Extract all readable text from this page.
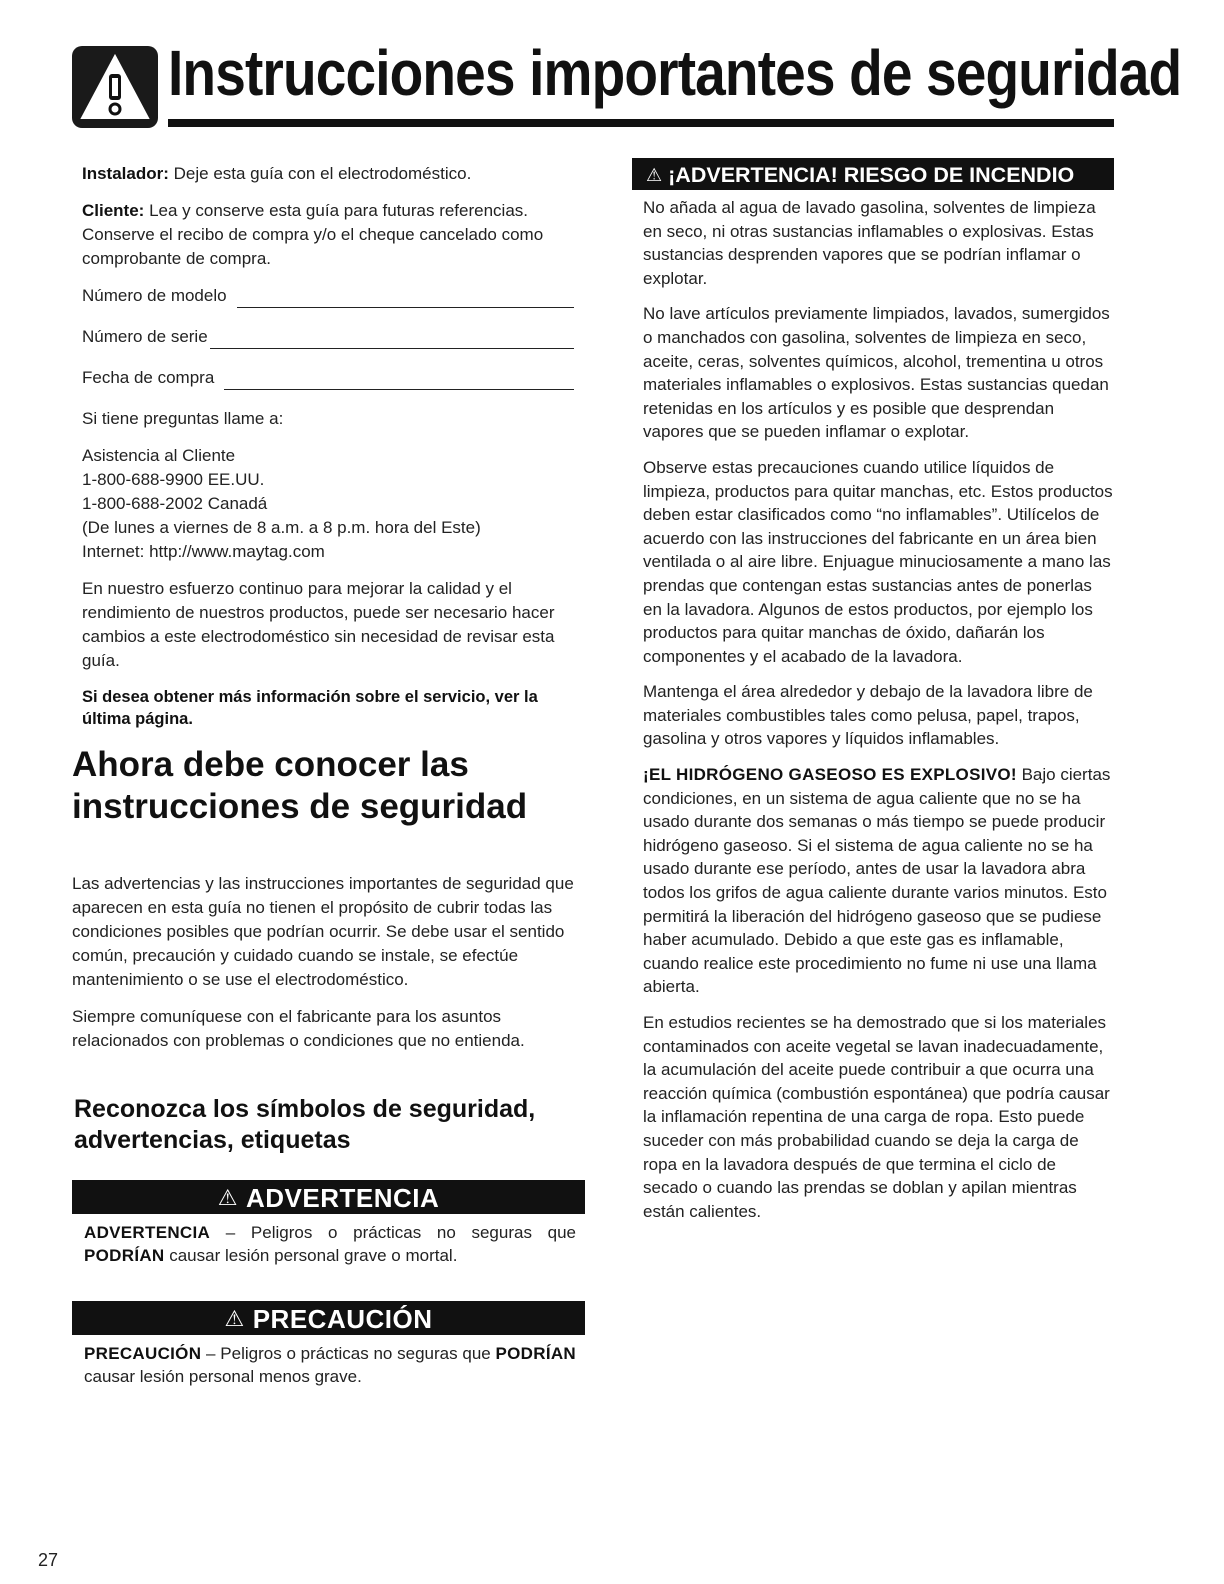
Instrucciones importantes de seguridad

Instalador: Deje esta guía con el electrodoméstico.

Cliente: Lea y conserve esta guía para futuras referencias. Conserve el recibo de compra y/o el cheque cancelado como comprobante de compra.

Número de modelo
Número de serie
Fecha de compra

Si tiene preguntas llame a:

Asistencia al Cliente
1-800-688-9900 EE.UU.
1-800-688-2002 Canadá
(De lunes a viernes de 8 a.m. a 8 p.m. hora del Este)
Internet: http://www.maytag.com

En nuestro esfuerzo continuo para mejorar la calidad y el rendimiento de nuestros productos, puede ser necesario hacer cambios a este electrodoméstico sin necesidad de revisar esta guía.

Si desea obtener más información sobre el servicio, ver la última página.

Ahora debe conocer las instrucciones de seguridad

Las advertencias y las instrucciones importantes de seguridad que aparecen en esta guía no tienen el propósito de cubrir todas las condiciones posibles que podrían ocurrir. Se debe usar el sentido común, precaución y cuidado cuando se instale, se efectúe mantenimiento o se use el electrodoméstico.

Siempre comuníquese con el fabricante para los asuntos relacionados con problemas o condiciones que no entienda.

Reconozca los símbolos de seguridad, advertencias, etiquetas
⚠ ADVERTENCIA

ADVERTENCIA – Peligros o prácticas no seguras que PODRÍAN causar lesión personal grave o mortal.

⚠ PRECAUCIÓN

PRECAUCIÓN – Peligros o prácticas no seguras que PODRÍAN causar lesión personal menos grave.

27
⚠ ¡ADVERTENCIA! RIESGO DE INCENDIO

No añada al agua de lavado gasolina, solventes de limpieza en seco, ni otras sustancias inflamables o explosivas. Estas sustancias desprenden vapores que se podrían inflamar o explotar.

No lave artículos previamente limpiados, lavados, sumergidos o manchados con gasolina, solventes de limpieza en seco, aceite, ceras, solventes químicos, alcohol, trementina u otros materiales inflamables o explosivos. Estas sustancias quedan retenidas en los artículos y es posible que desprendan vapores que se pueden inflamar o explotar.

Observe estas precauciones cuando utilice líquidos de limpieza, productos para quitar manchas, etc. Estos productos deben estar clasificados como “no inflamables”. Utilícelos de acuerdo con las instrucciones del fabricante en un área bien ventilada o al aire libre. Enjuague minuciosamente a mano las prendas que contengan estas sustancias antes de ponerlas en la lavadora. Algunos de estos productos, por ejemplo los productos para quitar manchas de óxido, dañarán los componentes y el acabado de la lavadora.

Mantenga el área alrededor y debajo de la lavadora libre de materiales combustibles tales como pelusa, papel, trapos, gasolina y otros vapores y líquidos inflamables.

¡EL HIDRÓGENO GASEOSO ES EXPLOSIVO! Bajo ciertas condiciones, en un sistema de agua caliente que no se ha usado durante dos semanas o más tiempo se puede producir hidrógeno gaseoso. Si el sistema de agua caliente no se ha usado durante ese período, antes de usar la lavadora abra todos los grifos de agua caliente durante varios minutos. Esto permitirá la liberación del hidrógeno gaseoso que se pudiese haber acumulado. Debido a que este gas es inflamable, cuando realice este procedimiento no fume ni use una llama abierta.

En estudios recientes se ha demostrado que si los materiales contaminados con aceite vegetal se lavan inadecuadamente, la acumulación del aceite puede contribuir a que ocurra una reacción química (combustión espontánea) que podría causar la inflamación repentina de una carga de ropa. Esto puede suceder con más probabilidad cuando se deja la carga de ropa en la lavadora después de que termina el ciclo de secado o cuando las prendas se doblan y apilan mientras están calientes.
